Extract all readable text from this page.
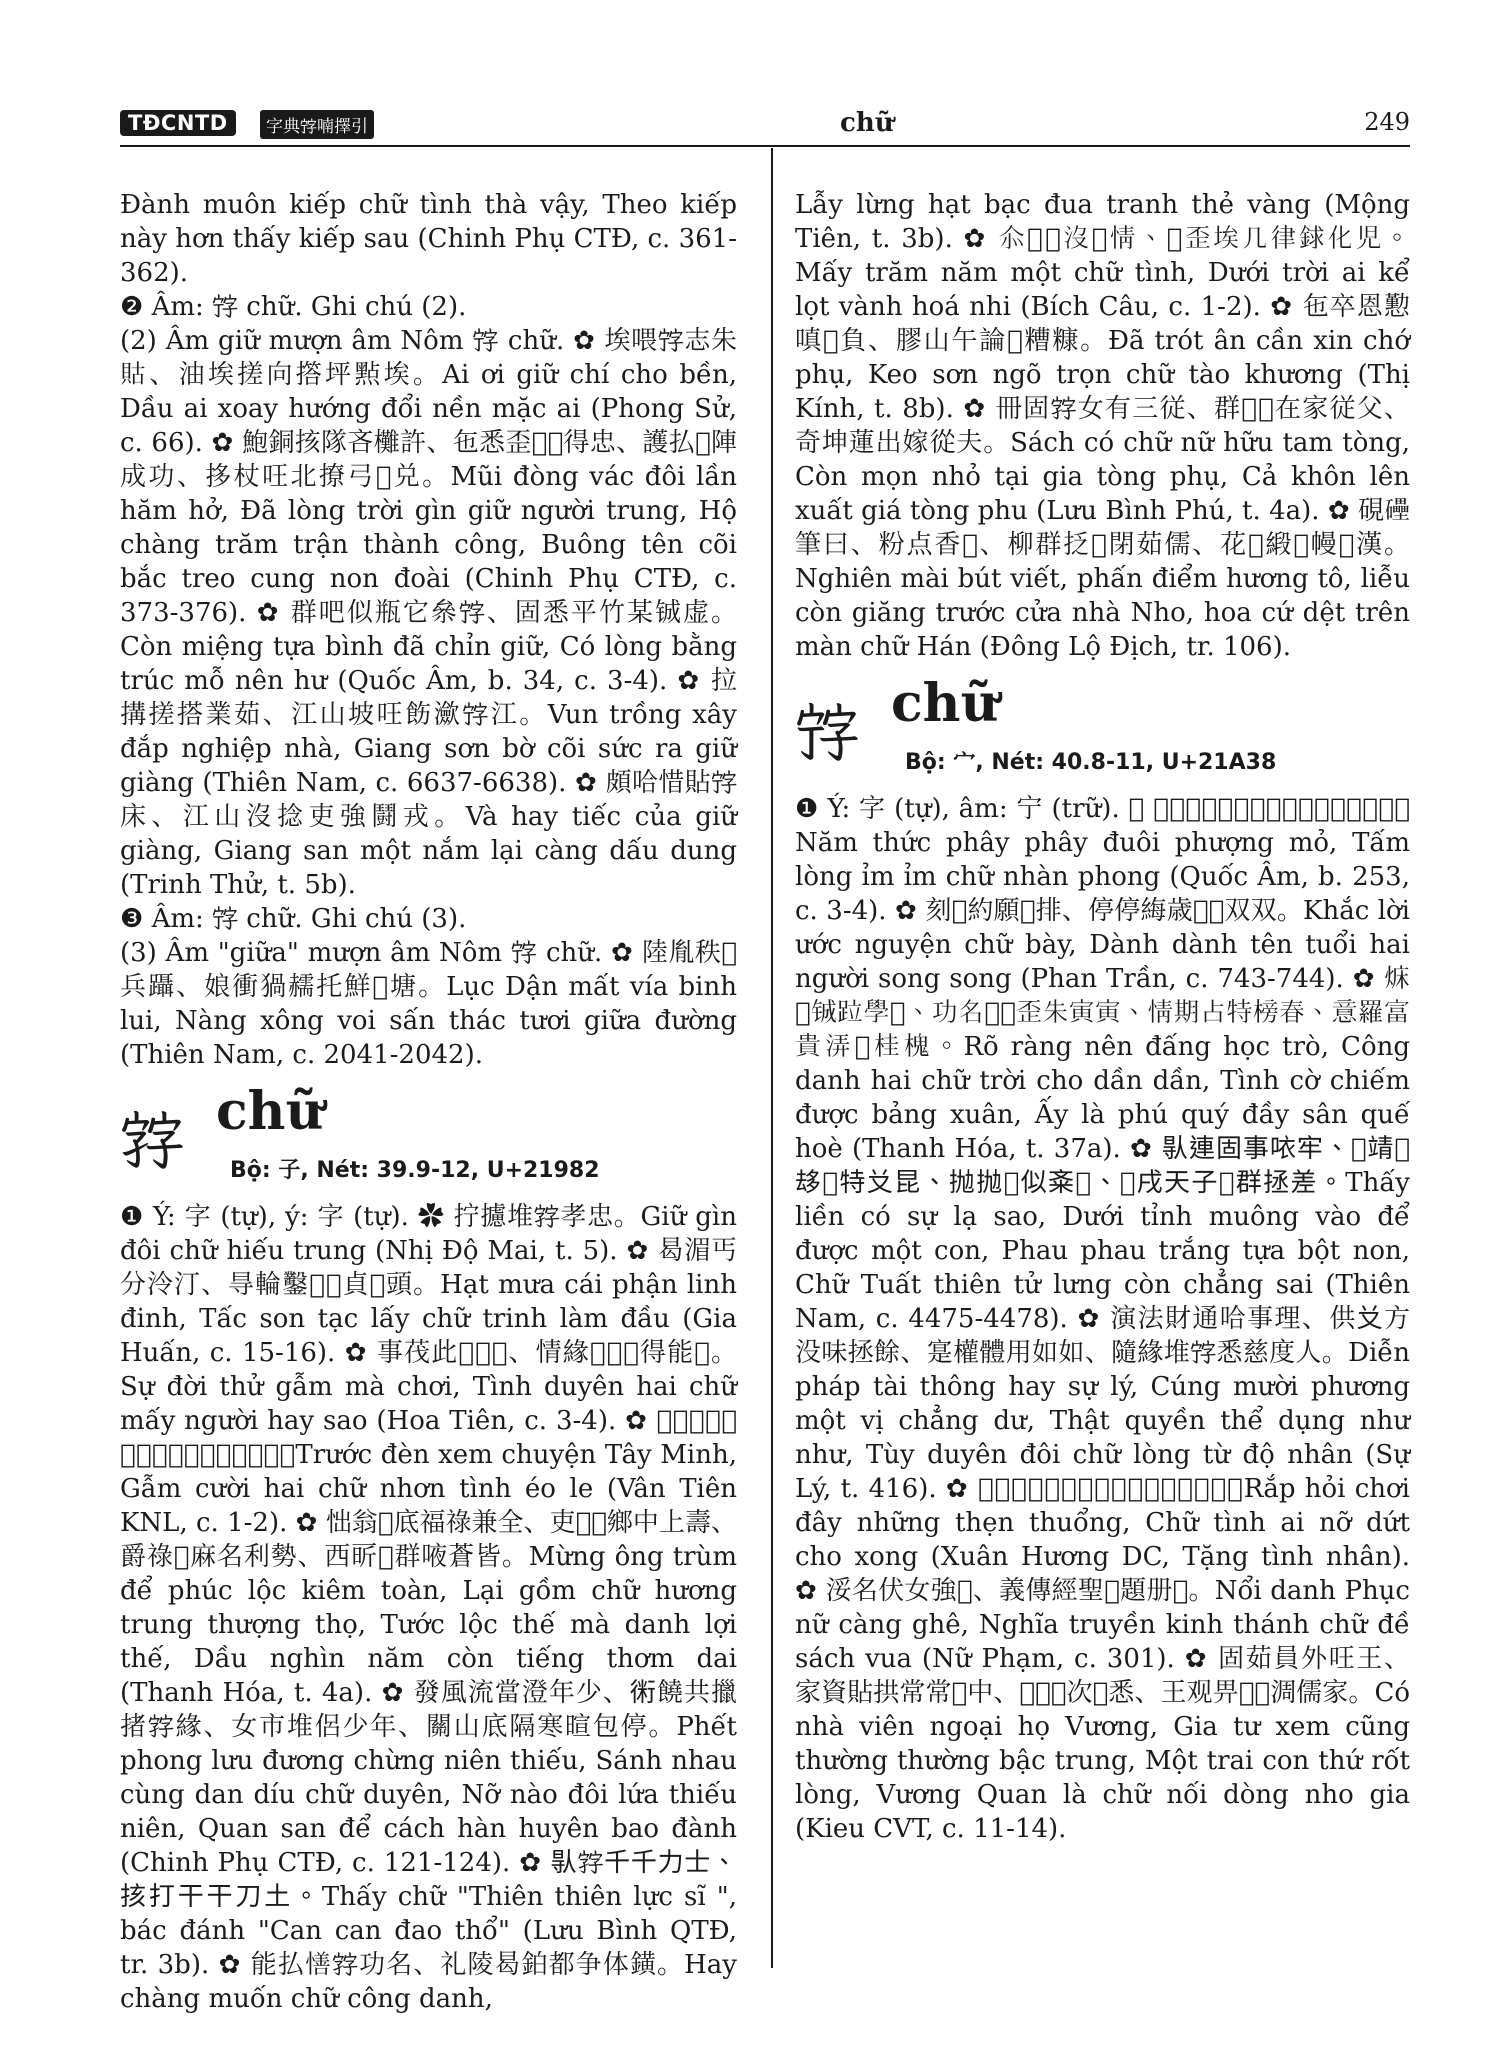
TĐCNTD	字典𡨸喃擇引	chữ	249

Đành muôn kiếp chữ tình thà vậy, Theo kiếp này hơn thấy kiếp sau (Chinh Phụ CTĐ, c. 361-362).

❷ Âm: 𡨸 chữ. Ghi chú (2).

(2) Âm giữ mượn âm Nôm 𡨸 chữ. ✿ 埃喂𡨸志朱𧵑、油埃搓向撘坪㸃埃。Ai ơi giữ chí cho bền, Dầu ai xoay hướng đổi nền mặc ai (Phong Sử, c. 66). ✿ 鮑銅㧡隊吝㰙許、㐌悉歪𠁀𡨸得忠、護払𥪞陣成功、拸杖㕵北撩弓𪀄兑。Mũi đòng vác đôi lần hăm hở, Đã lòng trời gìn giữ người trung, Hộ chàng trăm trận thành công, Buông tên cõi bắc treo cung non đoài (Chinh Phụ CTĐ, c. 373-376). ✿ 群吧似瓶它㕘𡨸、固悉平竹某铖虚。Còn miệng tựa bình đã chỉn giữ, Có lòng bằng trúc mỗ nên hư (Quốc Âm, b. 34, c. 3-4). ✿ 拉搆搓搭業茹、江山坡㕵飭㶑𡨸江。Vun trồng xây đắp nghiệp nhà, Giang sơn bờ cõi sức ra giữ giàng (Thiên Nam, c. 6637-6638). ✿ 頗哈惜貼𡨸床、江山沒捻吏強鬪戎。Và hay tiếc của giữ giàng, Giang san một nắm lại càng dấu dung (Trinh Thử, t. 5b).

❸ Âm: 𡨸 chữ. Ghi chú (3).

(3) Âm "giữa" mượn âm Nôm 𡨸 chữ. ✿ 陸胤秩𠓨兵躡、娘衝猧䞕托鮮𡨸塘。Lục Dận mất vía binh lui, Nàng xông voi sấn thác tươi giữa đường (Thiên Nam, c. 2041-2042).

𡦂 chữ
Bộ: 子, Nét: 39.9-12, U+21982

❶ Ý: 字 (tự), ý: 字 (tự). ✿ 拧攄堆𡦂孝忠。Giữ gìn đôi chữ hiếu trung (Nhị Độ Mai, t. 5). ✿ 曷湄丐分泠汀、㝵輪鑿𥙩𡦂貞𠁀頭。Hạt mưa cái phận linh đinh, Tấc son tạc lấy chữ trinh làm đầu (Gia Huấn, c. 15-16). ✿ 事茷此𠴓𢸮𨔈、情緣𠄩𡦂𡗉得能𩈘。Sự đời thử gẫm mà chơi, Tình duyên hai chữ mấy người hay sao (Hoa Tiên, c. 3-4). ✿ 𤈜畑貼𤉜西銘、𠴓哄𠄩𡦂人情𠴒𠾕。Trước đèn xem chuyện Tây Minh, Gẫm cười hai chữ nhơn tình éo le (Vân Tiên KNL, c. 1-2). ✿ 㤕翁𠓨底福祿兼全、吏𥿁𡦂鄉中上壽、爵祿𠴓麻名利勢、西㪽𩵜群㖡蒼皆。Mừng ông trùm để phúc lộc kiêm toàn, Lại gồm chữ hương trung thượng thọ, Tước lộc thế mà danh lợi thế, Dầu nghìn năm còn tiếng thơm dai (Thanh Hóa, t. 4a). ✿ 發風流當澄年少、𧗱饒共擸㨋𡦂緣、女市堆侶少年、關山底隔寒暄包停。Phết phong lưu đương chừng niên thiếu, Sánh nhau cùng dan díu chữ duyên, Nỡ nào đôi lứa thiếu niên, Quan san để cách hàn huyên bao đành (Chinh Phụ CTĐ, c. 121-124). ✿ 𠊛𡦂千千力士、㧡打干干刀土。Thấy chữ "Thiên thiên lực sĩ ", bác đánh "Can can đao thổ" (Lưu Bình QTĐ, tr. 3b). ✿ 能払𢢆𡦂功名、礼陵曷鉑都争体鐄。Hay chàng muốn chữ công danh,

Lẫy lừng hạt bạc đua tranh thẻ vàng (Mộng Tiên, t. 3b). ✿ 𠇍𥪞𢆥沒𡦂情、𠁑歪埃几律銶化児。Mấy trăm năm một chữ tình, Dưới trời ai kể lọt vành hoá nhi (Bích Câu, c. 1-2). ✿ 㐌卒恩懃嗔𤞼負、膠山午論𡦂糟糠。Đã trót ân cần xin chớ phụ, Keo sơn ngõ trọn chữ tào khương (Thị Kính, t. 8b). ✿ 冊固𡦂女有三従、群𡮍𥹰在家従父、奇坤蓮出嫁從夫。Sách có chữ nữ hữu tam tòng, Còn mọn nhỏ tại gia tòng phụ, Cả khôn lên xuất giá tòng phu (Lưu Bình Phú, t. 4a). ✿ 硯𥗬筆曰、粉点香𧇊、柳群抸𠸗閉茹儒、花𢬣緞𨑗幔𡦂漢。Nghiên mài bút viết, phấn điểm hương tô, liễu còn giăng trước cửa nhà Nho, hoa cứ dệt trên màn chữ Hán (Đông Lộ Địch, tr. 106).

𡨸 chữ
Bộ: 宀, Nét: 40.8-11, U+21A38

❶ Ý: 字 (tự), âm: 宁 (trữ). ✿ 𩙌式批批𢫝鳳𪀄、𢚸悉掩掩𡨸𩙻封。Năm thức phây phây đuôi phượng mỏ, Tấm lòng ỉm ỉm chữ nhàn phong (Quốc Âm, b. 253, c. 3-4). ✿ 刻𠳨約願𡨸排、停停䋦歳𠄩𠄩双双。Khắc lời ước nguyện chữ bày, Dành dành tên tuổi hai người song song (Phan Trần, c. 743-744). ✿ 𤉜𡝕铖𨀎學𠓨、功名𠄩𡨸歪朱寅寅、情期占特榜春、意羅富貴㳥𡑝桂槐。Rõ ràng nên đấng học trò, Công danh hai chữ trời cho dần dần, Tình cờ chiếm được bảng xuân, Ấy là phú quý đầy sân quế hoè (Thanh Hóa, t. 37a). ✿ 𠊛連固事𠲖牢、𠁑靖𤞼𠫾𧷸特𠬠昆、抛抛𤽸似㪰𪀄、𡨸戌天子𦢳群拯差。Thấy liền có sự lạ sao, Dưới tỉnh muông vào để được một con, Phau phau trắng tựa bột non, Chữ Tuất thiên tử lưng còn chẳng sai (Thiên Nam, c. 4475-4478). ✿ 演法財通哈事理、供𠬠方没味拯餘、寔權體用如如、隨緣堆𡨸悉慈度人。Diễn pháp tài thông hay sự lý, Cúng mười phương một vị chẳng dư, Thật quyền thể dụng như như, Tùy duyên đôi chữ lòng từ độ nhân (Sự Lý, t. 416). ✿ 𡃊悔制底仍㗂春、𡨸情埃女𦀊朱衝。Rắp hỏi chơi đây những thẹn thuổng, Chữ tình ai nỡ dứt cho xong (Xuân Hương DC, Tặng tình nhân). ✿ 浽名伏女強𠻃、義傳經聖𡨸題册𤤰。Nổi danh Phục nữ càng ghê, Nghĩa truyền kinh thánh chữ đề sách vua (Nữ Phạm, c. 301). ✿ 固茹員外㕵王、家資貼拱常常𦓿中、𠬠𦧘𡥵次𨔾悉、王观畀𡨸𦀼淍儒家。Có nhà viên ngoại họ Vương, Gia tư xem cũng thường thường bậc trung, Một trai con thứ rốt lòng, Vương Quan là chữ nối dòng nho gia (Kieu CVT, c. 11-14).
